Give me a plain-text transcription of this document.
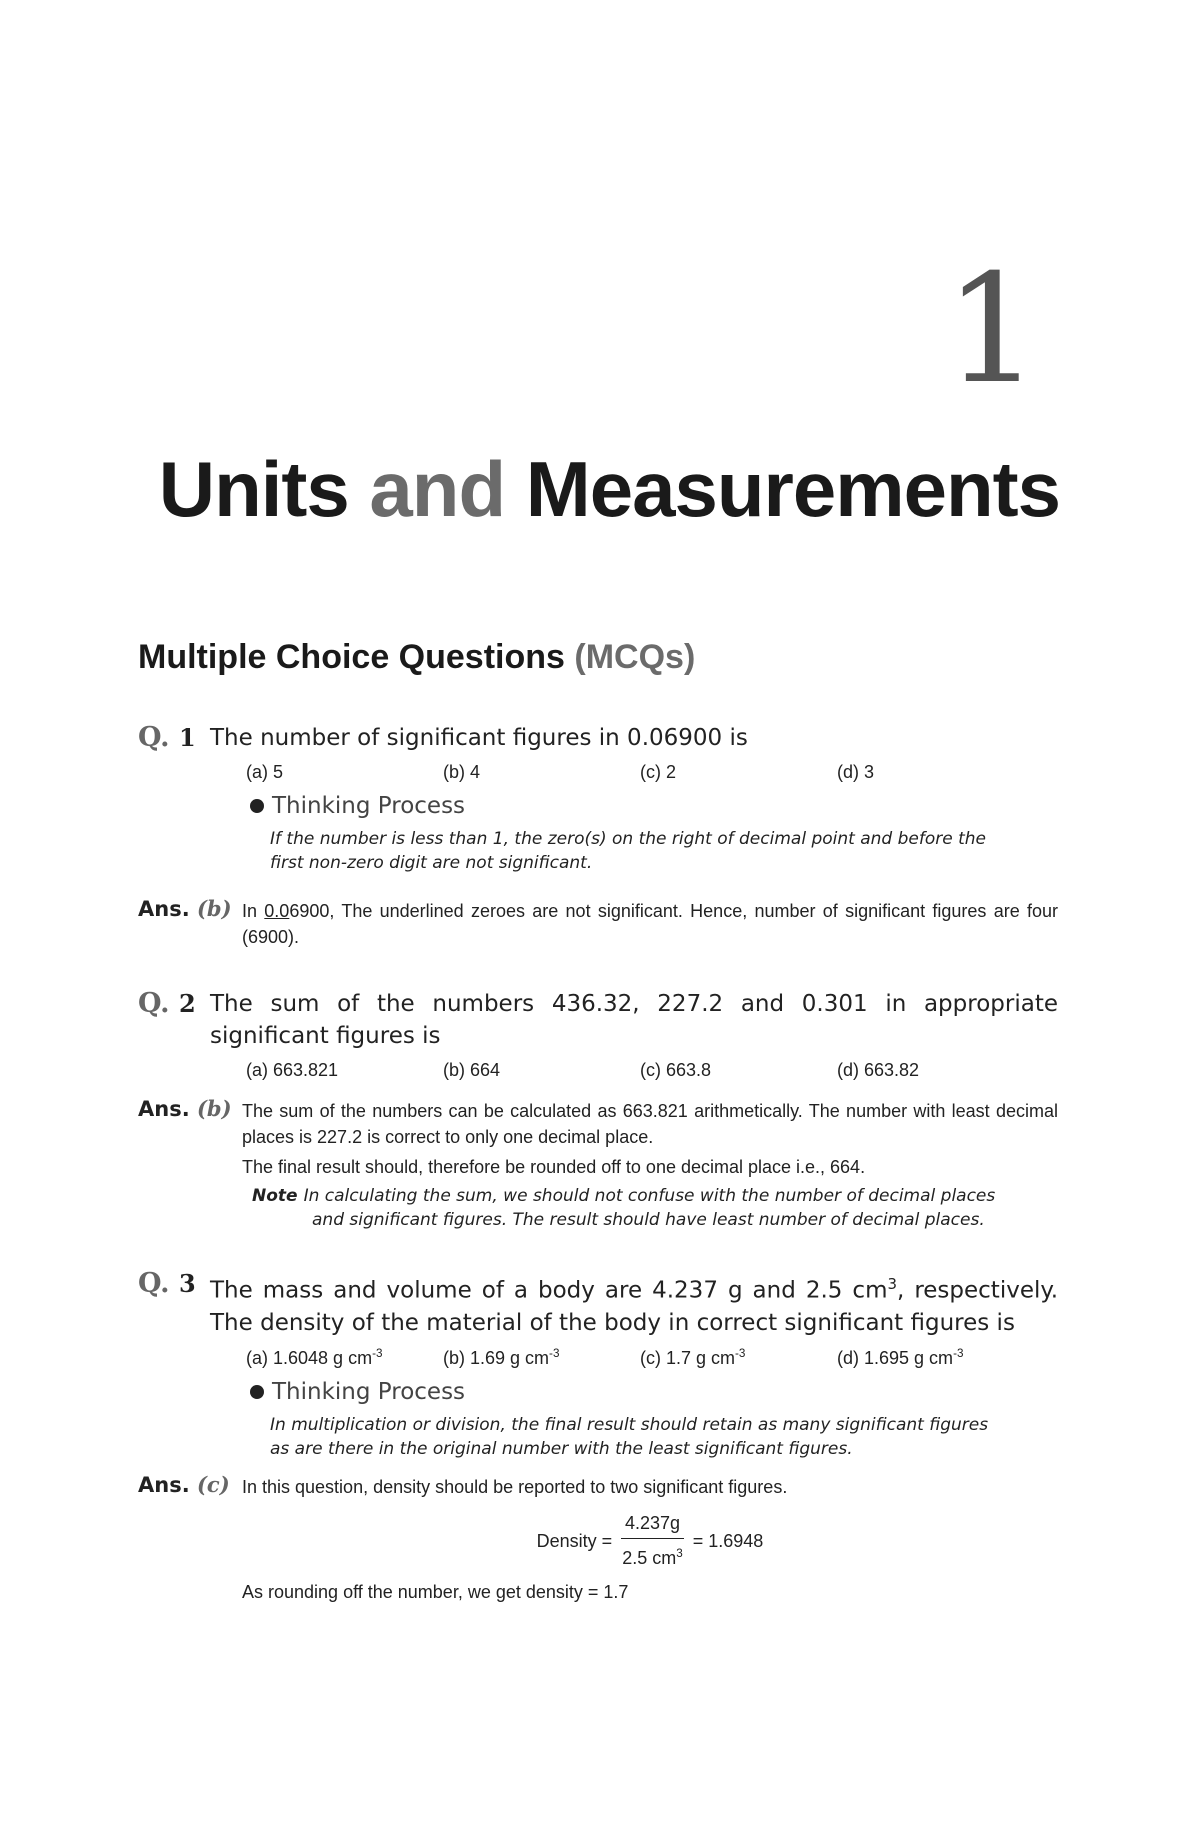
1
Units and Measurements
Multiple Choice Questions (MCQs)
Q. 1 The number of significant figures in 0.06900 is
(a) 5	(b) 4	(c) 2	(d) 3
Thinking Process
If the number is less than 1, the zero(s) on the right of decimal point and before the first non-zero digit are not significant.
Ans. (b) In 0.06900, The underlined zeroes are not significant. Hence, number of significant figures are four (6900).

Q. 2 The sum of the numbers 436.32, 227.2 and 0.301 in appropriate significant figures is
(a) 663.821	(b) 664	(c) 663.8	(d) 663.82
Ans. (b) The sum of the numbers can be calculated as 663.821 arithmetically. The number with least decimal places is 227.2 is correct to only one decimal place.

The final result should, therefore be rounded off to one decimal place i.e., 664.

Note In calculating the sum, we should not confuse with the number of decimal places
and significant figures. The result should have least number of decimal places.
Q. 3 The mass and volume of a body are 4.237 g and 2.5 $cm^3$, respectively. The density of the material of the body in correct significant figures is
(a) 1.6048 g $cm^{-3}$	(b) 1.69 g $cm^{-3}$	(c) 1.7 g $cm^{-3}$	(d) 1.695 g $cm^{-3}$
Thinking Process
In multiplication or division, the final result should retain as many significant figures as are there in the original number with the least significant figures.
Ans. (c) In this question, density should be reported to two significant figures.

Density = $\frac{4.237g}{2.5 cm^3} = 1.6948$

As rounding off the number, we get density = 1.7
